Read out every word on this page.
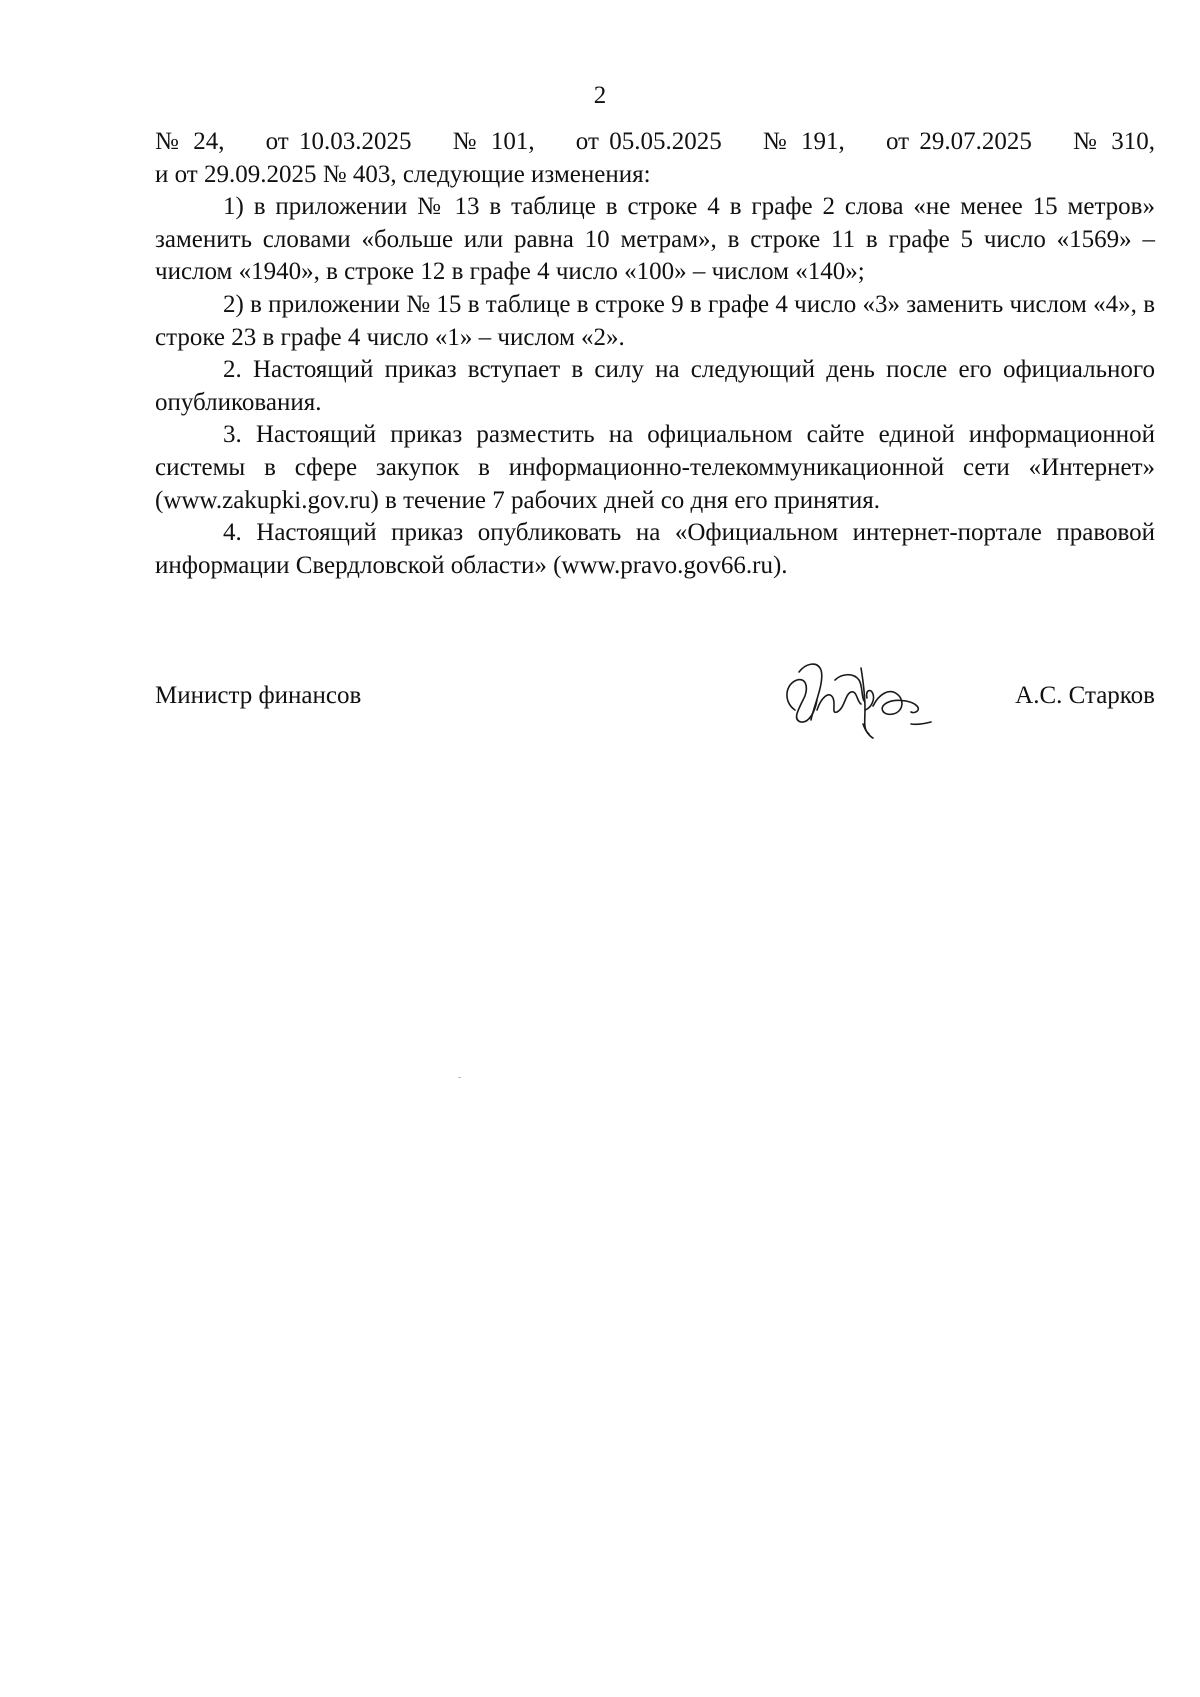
2

№ 24,    от 10.03.2025    № 101,    от 05.05.2025    № 191,    от 29.07.2025    № 310,

и от 29.09.2025 № 403, следующие изменения:

1) в приложении № 13 в таблице в строке 4 в графе 2 слова «не менее 15 метров» заменить словами «больше или равна 10 метрам», в строке 11 в графе 5 число «1569» – числом «1940», в строке 12 в графе 4 число «100» – числом «140»;

2) в приложении № 15 в таблице в строке 9 в графе 4 число «3» заменить числом «4», в строке 23 в графе 4 число «1» – числом «2».

2. Настоящий приказ вступает в силу на следующий день после его официального опубликования.

3. Настоящий приказ разместить на официальном сайте единой информационной системы в сфере закупок в информационно-телекоммуникационной сети «Интернет» (www.zakupki.gov.ru) в течение 7 рабочих дней со дня его принятия.

4. Настоящий приказ опубликовать на «Официальном интернет-портале правовой информации Свердловской области» (www.pravo.gov66.ru).

Министр финансов	А.С. Старков
